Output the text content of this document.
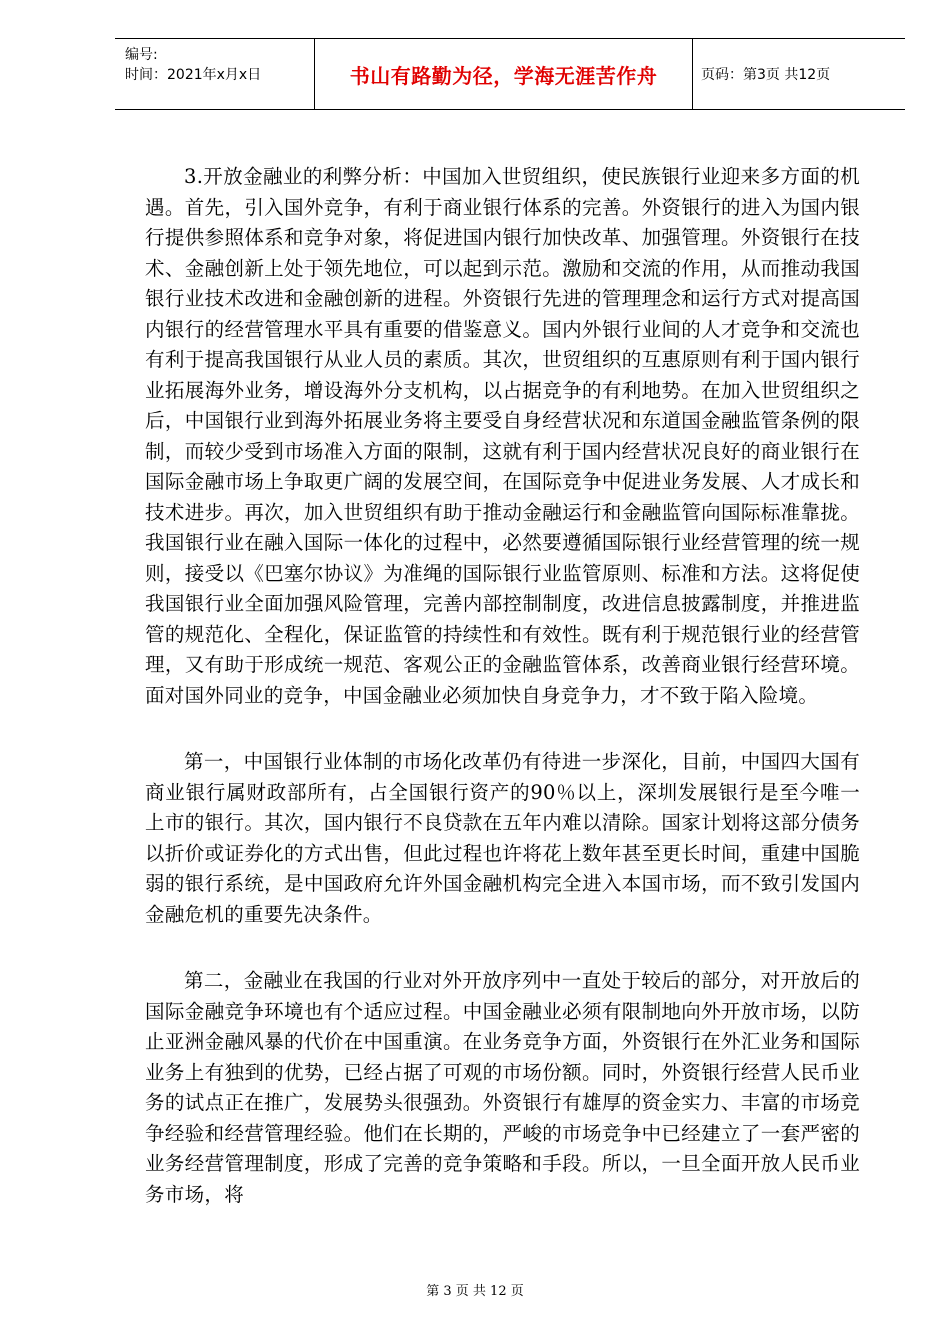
编号:
时间：2021年x月x日	书山有路勤为径，学海无涯苦作舟	页码：第3页 共12页

3.开放金融业的利弊分析：中国加入世贸组织，使民族银行业迎来多方面的机遇。首先，引入国外竞争，有利于商业银行体系的完善。外资银行的进入为国内银行提供参照体系和竞争对象，将促进国内银行加快改革、加强管理。外资银行在技术、金融创新上处于领先地位，可以起到示范。激励和交流的作用，从而推动我国银行业技术改进和金融创新的进程。外资银行先进的管理理念和运行方式对提高国内银行的经营管理水平具有重要的借鉴意义。国内外银行业间的人才竞争和交流也有利于提高我国银行从业人员的素质。其次，世贸组织的互惠原则有利于国内银行业拓展海外业务，增设海外分支机构，以占据竞争的有利地势。在加入世贸组织之后，中国银行业到海外拓展业务将主要受自身经营状况和东道国金融监管条例的限制，而较少受到市场准入方面的限制，这就有利于国内经营状况良好的商业银行在国际金融市场上争取更广阔的发展空间，在国际竞争中促进业务发展、人才成长和技术进步。再次，加入世贸组织有助于推动金融运行和金融监管向国际标准靠拢。我国银行业在融入国际一体化的过程中，必然要遵循国际银行业经营管理的统一规则，接受以《巴塞尔协议》为准绳的国际银行业监管原则、标准和方法。这将促使我国银行业全面加强风险管理，完善内部控制制度，改进信息披露制度，并推进监管的规范化、全程化，保证监管的持续性和有效性。既有利于规范银行业的经营管理，又有助于形成统一规范、客观公正的金融监管体系，改善商业银行经营环境。面对国外同业的竞争，中国金融业必须加快自身竞争力，才不致于陷入险境。

第一，中国银行业体制的市场化改革仍有待进一步深化，目前，中国四大国有商业银行属财政部所有，占全国银行资产的90％以上，深圳发展银行是至今唯一上市的银行。其次，国内银行不良贷款在五年内难以清除。国家计划将这部分债务以折价或证券化的方式出售，但此过程也许将花上数年甚至更长时间，重建中国脆弱的银行系统，是中国政府允许外国金融机构完全进入本国市场，而不致引发国内金融危机的重要先决条件。

第二，金融业在我国的行业对外开放序列中一直处于较后的部分，对开放后的国际金融竞争环境也有个适应过程。中国金融业必须有限制地向外开放市场，以防止亚洲金融风暴的代价在中国重演。在业务竞争方面，外资银行在外汇业务和国际业务上有独到的优势，已经占据了可观的市场份额。同时，外资银行经营人民币业务的试点正在推广，发展势头很强劲。外资银行有雄厚的资金实力、丰富的市场竞争经验和经营管理经验。他们在长期的，严峻的市场竞争中已经建立了一套严密的业务经营管理制度，形成了完善的竞争策略和手段。所以，一旦全面开放人民币业务市场，将

第 3 页 共 12 页
